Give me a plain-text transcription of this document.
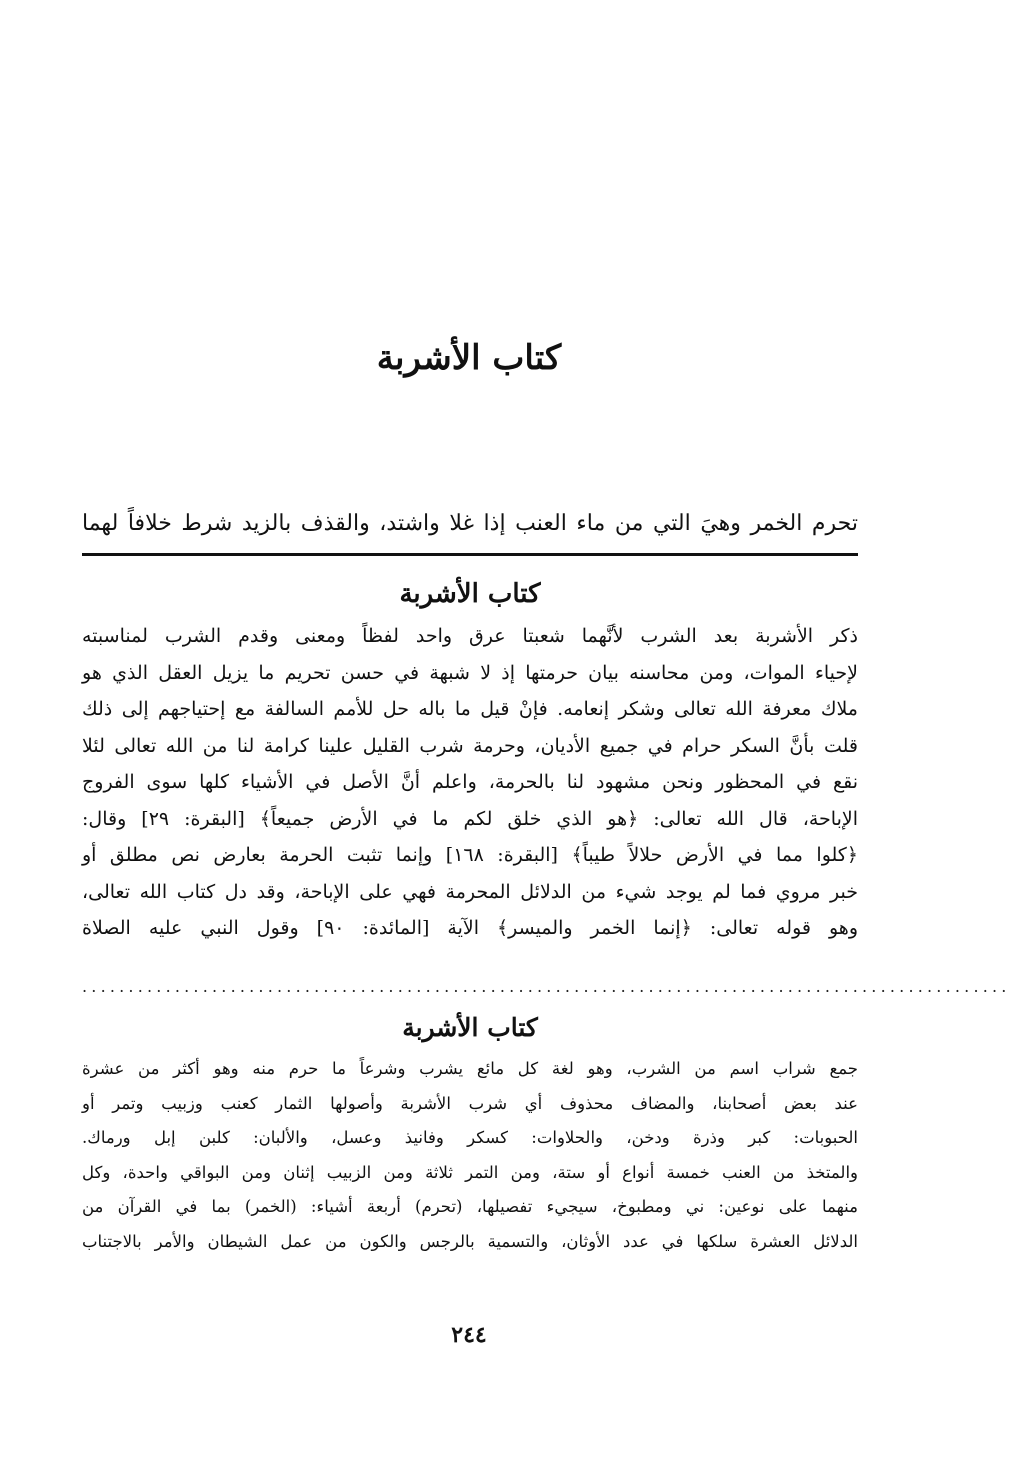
كتاب الأشربة
تحرم الخمر وهيَ التي من ماء العنب إذا غلا واشتد، والقذف بالزيد شرط خلافاً لهما
كتاب الأشربة
ذكر الأشربة بعد الشرب لأنَّهما شعبتا عرق واحد لفظاً ومعنى وقدم الشرب لمناسبته
لإحياء الموات، ومن محاسنه بيان حرمتها إذ لا شبهة في حسن تحريم ما يزيل العقل الذي هو
ملاك معرفة الله تعالى وشكر إنعامه. فإنْ قيل ما باله حل للأمم السالفة مع إحتياجهم إلى ذلك
قلت بأنَّ السكر حرام في جميع الأديان، وحرمة شرب القليل علينا كرامة لنا من الله تعالى لئلا
نقع في المحظور ونحن مشهود لنا بالحرمة، واعلم أنَّ الأصل في الأشياء كلها سوى الفروج
الإباحة، قال الله تعالى: ﴿هو الذي خلق لكم ما في الأرض جميعاً﴾ [البقرة: ٢٩] وقال:
﴿كلوا مما في الأرض حلالاً طيباً﴾ [البقرة: ١٦٨] وإنما تثبت الحرمة بعارض نص مطلق أو
خبر مروي فما لم يوجد شيء من الدلائل المحرمة فهي على الإباحة، وقد دل كتاب الله تعالى،
وهو قوله تعالى: ﴿إنما الخمر والميسر﴾ الآية [المائدة: ٩٠] وقول النبي عليه الصلاة
....................................................................................................
كتاب الأشربة
جمع شراب اسم من الشرب، وهو لغة كل مائع يشرب وشرعاً ما حرم منه وهو أكثر من عشرة
عند بعض أصحابنا، والمضاف محذوف أي شرب الأشربة وأصولها الثمار كعنب وزبيب وتمر أو
الحبوبات: كبر وذرة ودخن، والحلاوات: كسكر وفانيذ وعسل، والألبان: كلبن إبل ورماك.
والمتخذ من العنب خمسة أنواع أو ستة، ومن التمر ثلاثة ومن الزبيب إثنان ومن البواقي واحدة، وكل
منهما على نوعين: ني ومطبوخ، سيجيء تفصيلها، (تحرم) أربعة أشياء: (الخمر) بما في القرآن من
الدلائل العشرة سلكها في عدد الأوثان، والتسمية بالرجس والكون من عمل الشيطان والأمر بالاجتناب
٢٤٤
